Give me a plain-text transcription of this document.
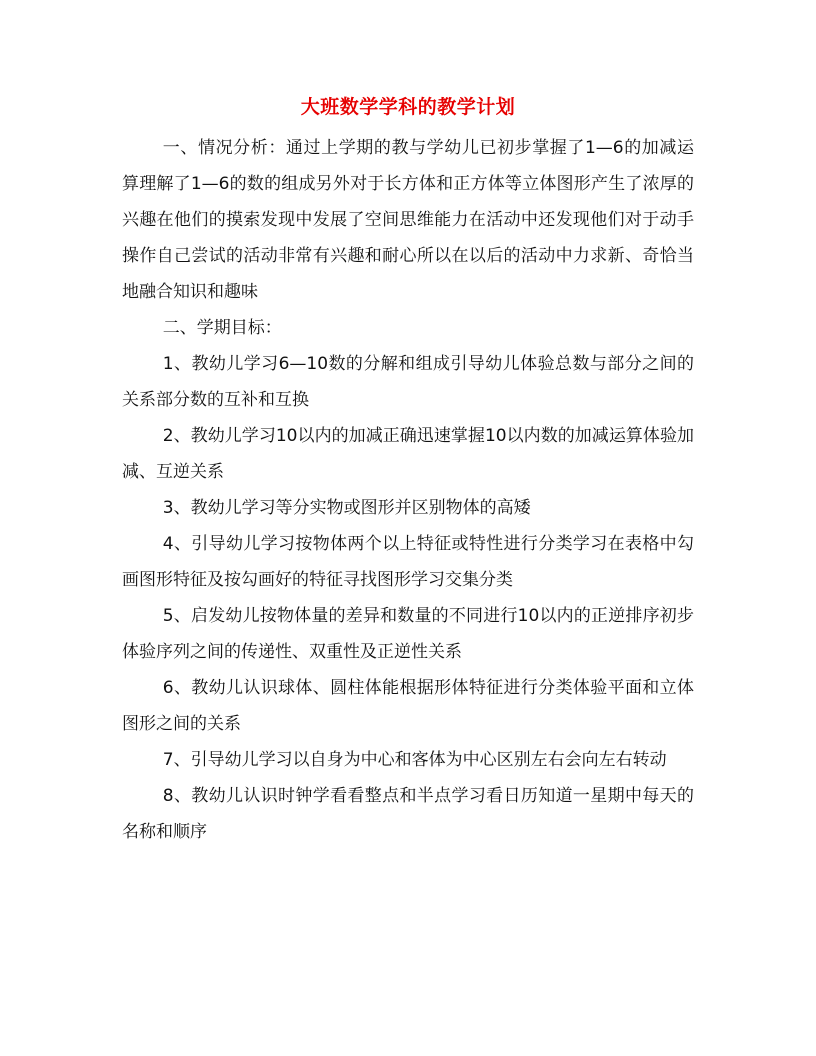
大班数学学科的教学计划

一、情况分析：通过上学期的教与学幼儿已初步掌握了1—6的加减运算理解了1—6的数的组成另外对于长方体和正方体等立体图形产生了浓厚的兴趣在他们的摸索发现中发展了空间思维能力在活动中还发现他们对于动手操作自己尝试的活动非常有兴趣和耐心所以在以后的活动中力求新、奇恰当地融合知识和趣味

二、学期目标：

1、教幼儿学习6—10数的分解和组成引导幼儿体验总数与部分之间的关系部分数的互补和互换

2、教幼儿学习10以内的加减正确迅速掌握10以内数的加减运算体验加减、互逆关系

3、教幼儿学习等分实物或图形并区别物体的高矮

4、引导幼儿学习按物体两个以上特征或特性进行分类学习在表格中勾画图形特征及按勾画好的特征寻找图形学习交集分类

5、启发幼儿按物体量的差异和数量的不同进行10以内的正逆排序初步体验序列之间的传递性、双重性及正逆性关系

6、教幼儿认识球体、圆柱体能根据形体特征进行分类体验平面和立体图形之间的关系

7、引导幼儿学习以自身为中心和客体为中心区别左右会向左右转动

8、教幼儿认识时钟学看看整点和半点学习看日历知道一星期中每天的名称和顺序
